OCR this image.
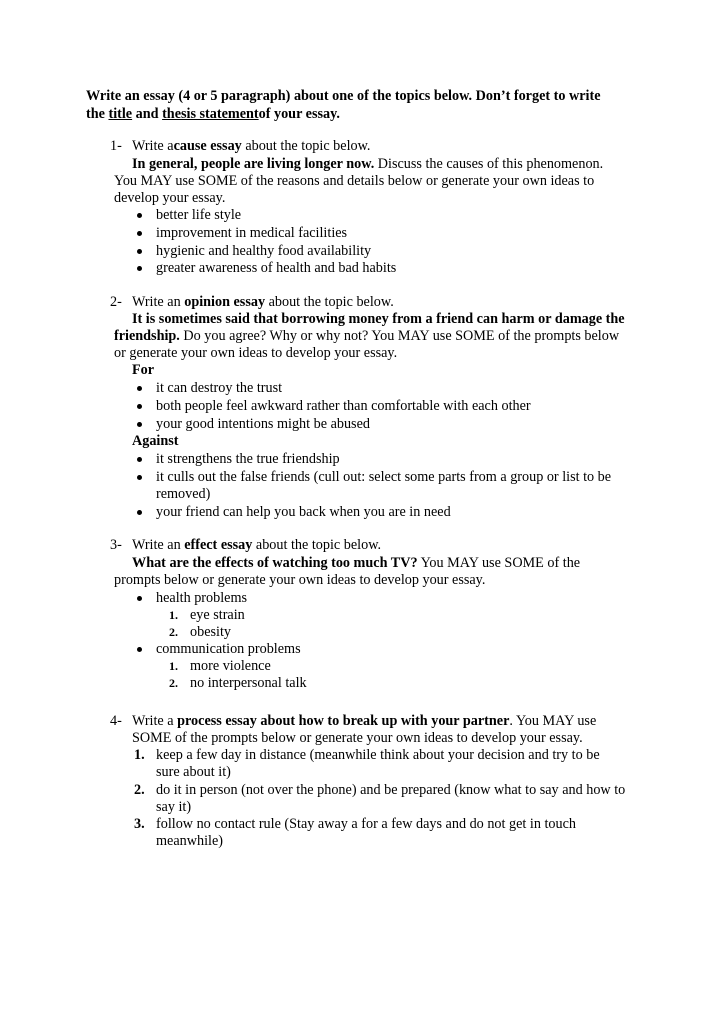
Write an essay (4 or 5 paragraph) about one of the topics below. Don’t forget to write
the title and thesis statementof your essay.
1- Write acause essay about the topic below.
In general, people are living longer now. Discuss the causes of this phenomenon.
You MAY use SOME of the reasons and details below or generate your own ideas to
develop your essay.
better life style
improvement in medical facilities
hygienic and healthy food availability
greater awareness of health and bad habits
2- Write an opinion essay about the topic below.
It is sometimes said that borrowing money from a friend can harm or damage the
friendship. Do you agree? Why or why not? You MAY use SOME of the prompts below
or generate your own ideas to develop your essay.
For
it can destroy the trust
both people feel awkward rather than comfortable with each other
your good intentions might be abused
Against
it strengthens the true friendship
it culls out the false friends (cull out: select some parts from a group or list to be
removed)
your friend can help you back when you are in need
3- Write an effect essay about the topic below.
What are the effects of watching too much TV? You MAY use SOME of the
prompts below or generate your own ideas to develop your essay.
health problems
1. eye strain
2. obesity
communication problems
1. more violence
2. no interpersonal talk
4- Write a process essay about how to break up with your partner. You MAY use
SOME of the prompts below or generate your own ideas to develop your essay.
1. keep a few day in distance (meanwhile think about your decision and try to be
sure about it)
2. do it in person (not over the phone) and be prepared (know what to say and how to
say it)
3. follow no contact rule (Stay away a for a few days and do not get in touch
meanwhile)
